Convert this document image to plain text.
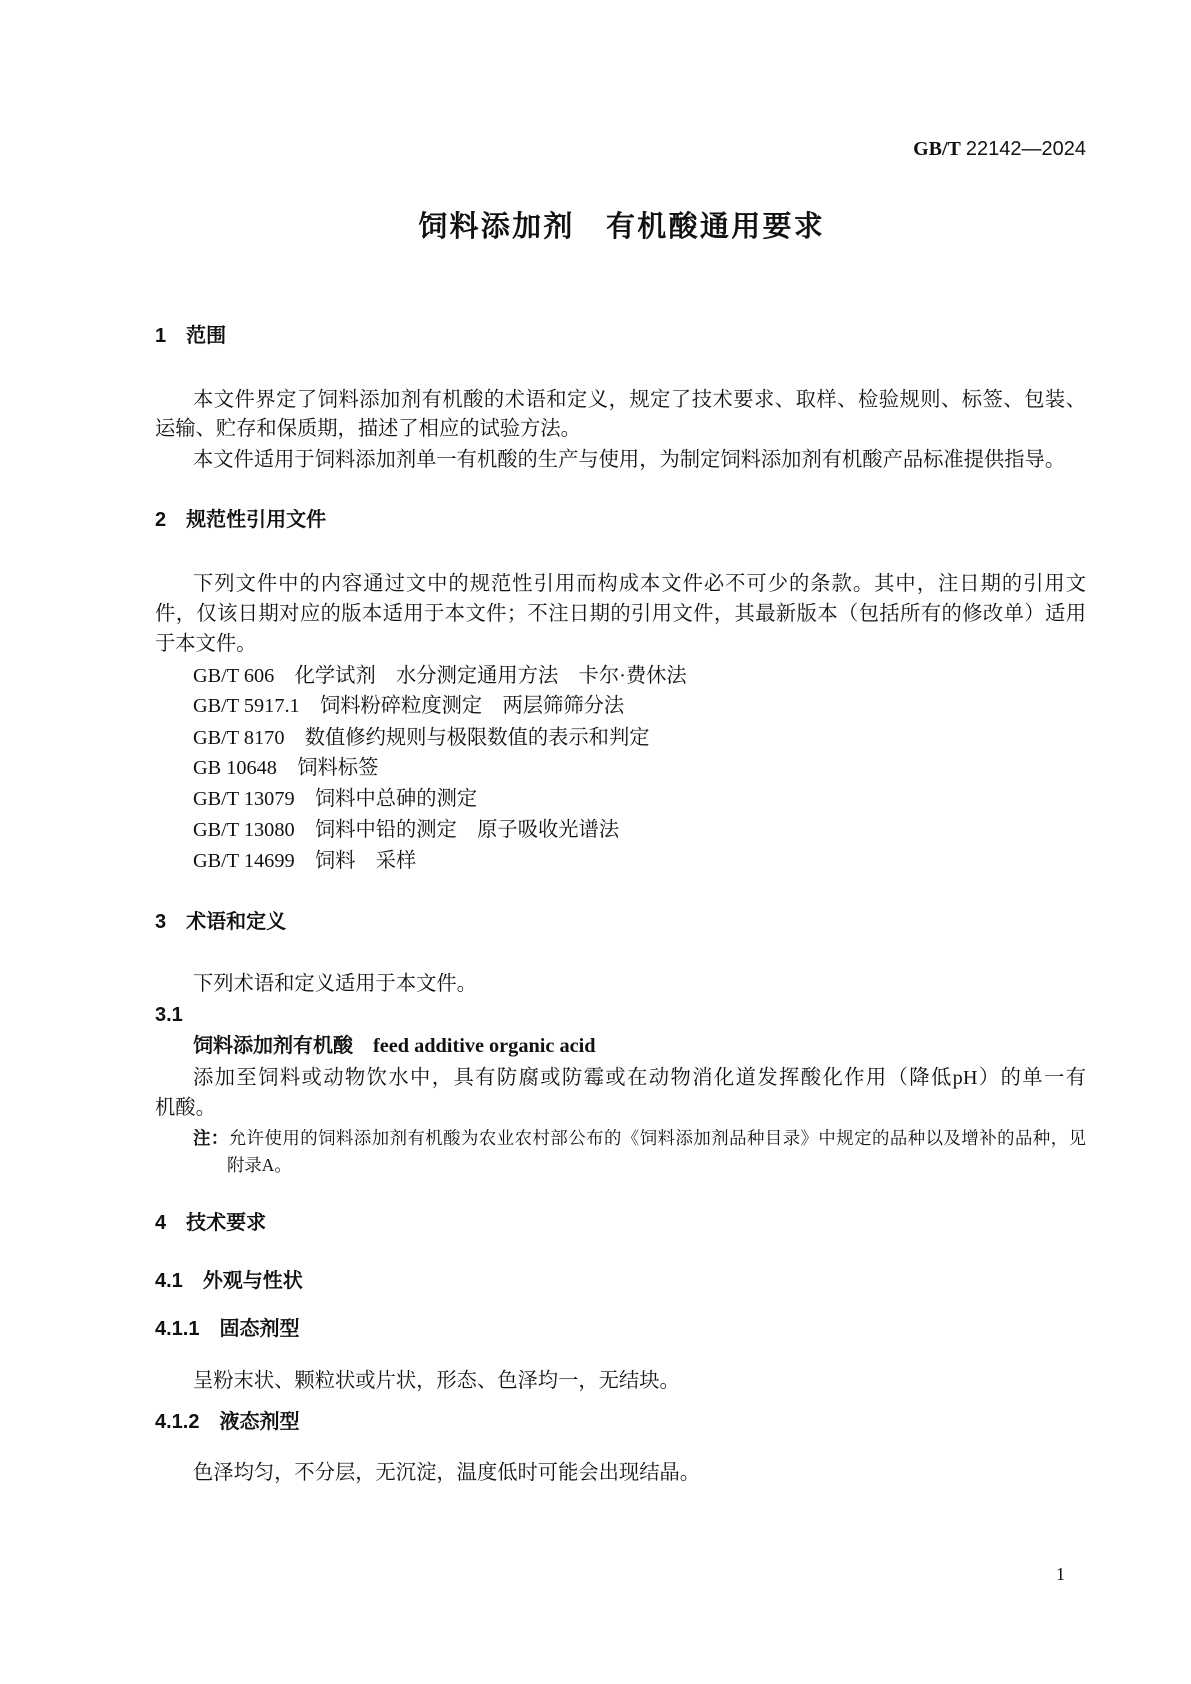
GB/T 22142—2024
饲料添加剂　有机酸通用要求
1 范围
本文件界定了饲料添加剂有机酸的术语和定义，规定了技术要求、取样、检验规则、标签、包装、
运输、贮存和保质期，描述了相应的试验方法。
本文件适用于饲料添加剂单一有机酸的生产与使用，为制定饲料添加剂有机酸产品标准提供指导。
2 规范性引用文件
下列文件中的内容通过文中的规范性引用而构成本文件必不可少的条款。其中，注日期的引用文
件，仅该日期对应的版本适用于本文件；不注日期的引用文件，其最新版本（包括所有的修改单）适用
于本文件。
GB/T 606　化学试剂　水分测定通用方法　卡尔·费休法
GB/T 5917.1　饲料粉碎粒度测定　两层筛筛分法
GB/T 8170　数值修约规则与极限数值的表示和判定
GB 10648　饲料标签
GB/T 13079　饲料中总砷的测定
GB/T 13080　饲料中铅的测定　原子吸收光谱法
GB/T 14699　饲料　采样
3 术语和定义
下列术语和定义适用于本文件。
3.1
饲料添加剂有机酸 feed additive organic acid
添加至饲料或动物饮水中，具有防腐或防霉或在动物消化道发挥酸化作用（降低pH）的单一有
机酸。
注：允许使用的饲料添加剂有机酸为农业农村部公布的《饲料添加剂品种目录》中规定的品种以及增补的品种，见
附录A。
4 技术要求
4.1 外观与性状
4.1.1 固态剂型
呈粉末状、颗粒状或片状，形态、色泽均一，无结块。
4.1.2 液态剂型
色泽均匀，不分层，无沉淀，温度低时可能会出现结晶。
1
